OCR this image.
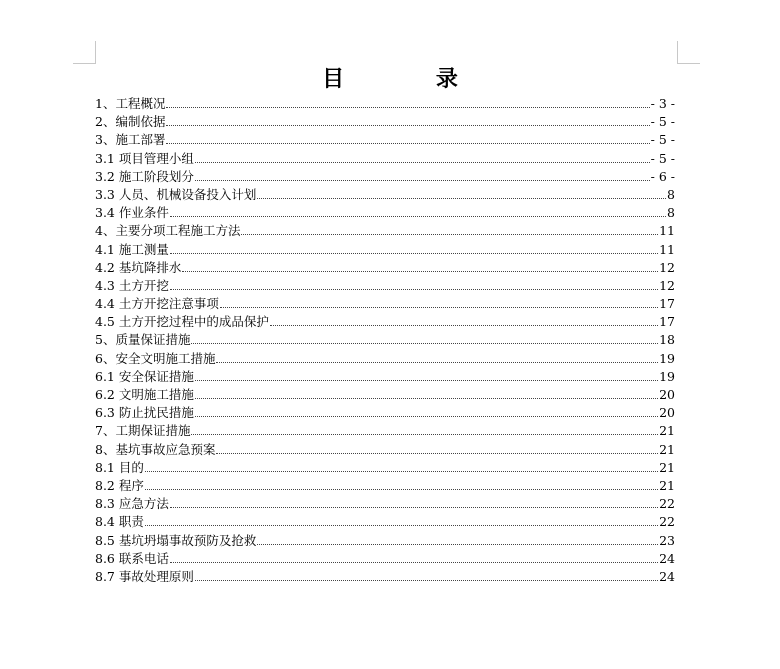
目 录
1、工程概况	- 3 -
2、编制依据	- 5 -
3、施工部署	- 5 -
3.1 项目管理小组	- 5 -
3.2 施工阶段划分	- 6 -
3.3 人员、机械设备投入计划	8
3.4 作业条件	8
4、主要分项工程施工方法	11
4.1 施工测量	11
4.2 基坑降排水	12
4.3 土方开挖	12
4.4 土方开挖注意事项	17
4.5 土方开挖过程中的成品保护	17
5、质量保证措施	18
6、安全文明施工措施	19
6.1 安全保证措施	19
6.2 文明施工措施	20
6.3 防止扰民措施	20
7、工期保证措施	21
8、基坑事故应急预案	21
8.1 目的	21
8.2 程序	21
8.3 应急方法	22
8.4 职责	22
8.5 基坑坍塌事故预防及抢救	23
8.6 联系电话	24
8.7 事故处理原则	24
